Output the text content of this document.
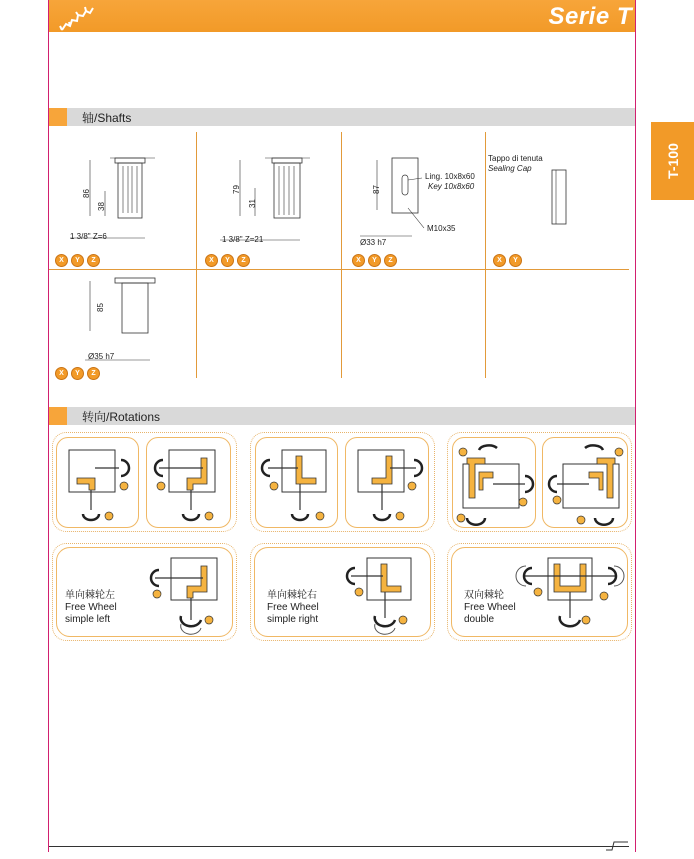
Serie T
T-100
轴/Shafts
86
38
1 3/8" Z=6
X	Y	Z
79
31
1 3/8" Z=21
X	Y	Z
87
Ling. 10x8x60
Key 10x8x60
M10x35
Ø33 h7
X	Y	Z
Tappo di tenuta
Sealing Cap
X	Y
85
Ø35 h7
X	Y	Z
转向/Rotations
单向棘轮左
Free Wheel
simple left
单向棘轮右
Free Wheel
simple right
双向棘轮
Free Wheel
double
